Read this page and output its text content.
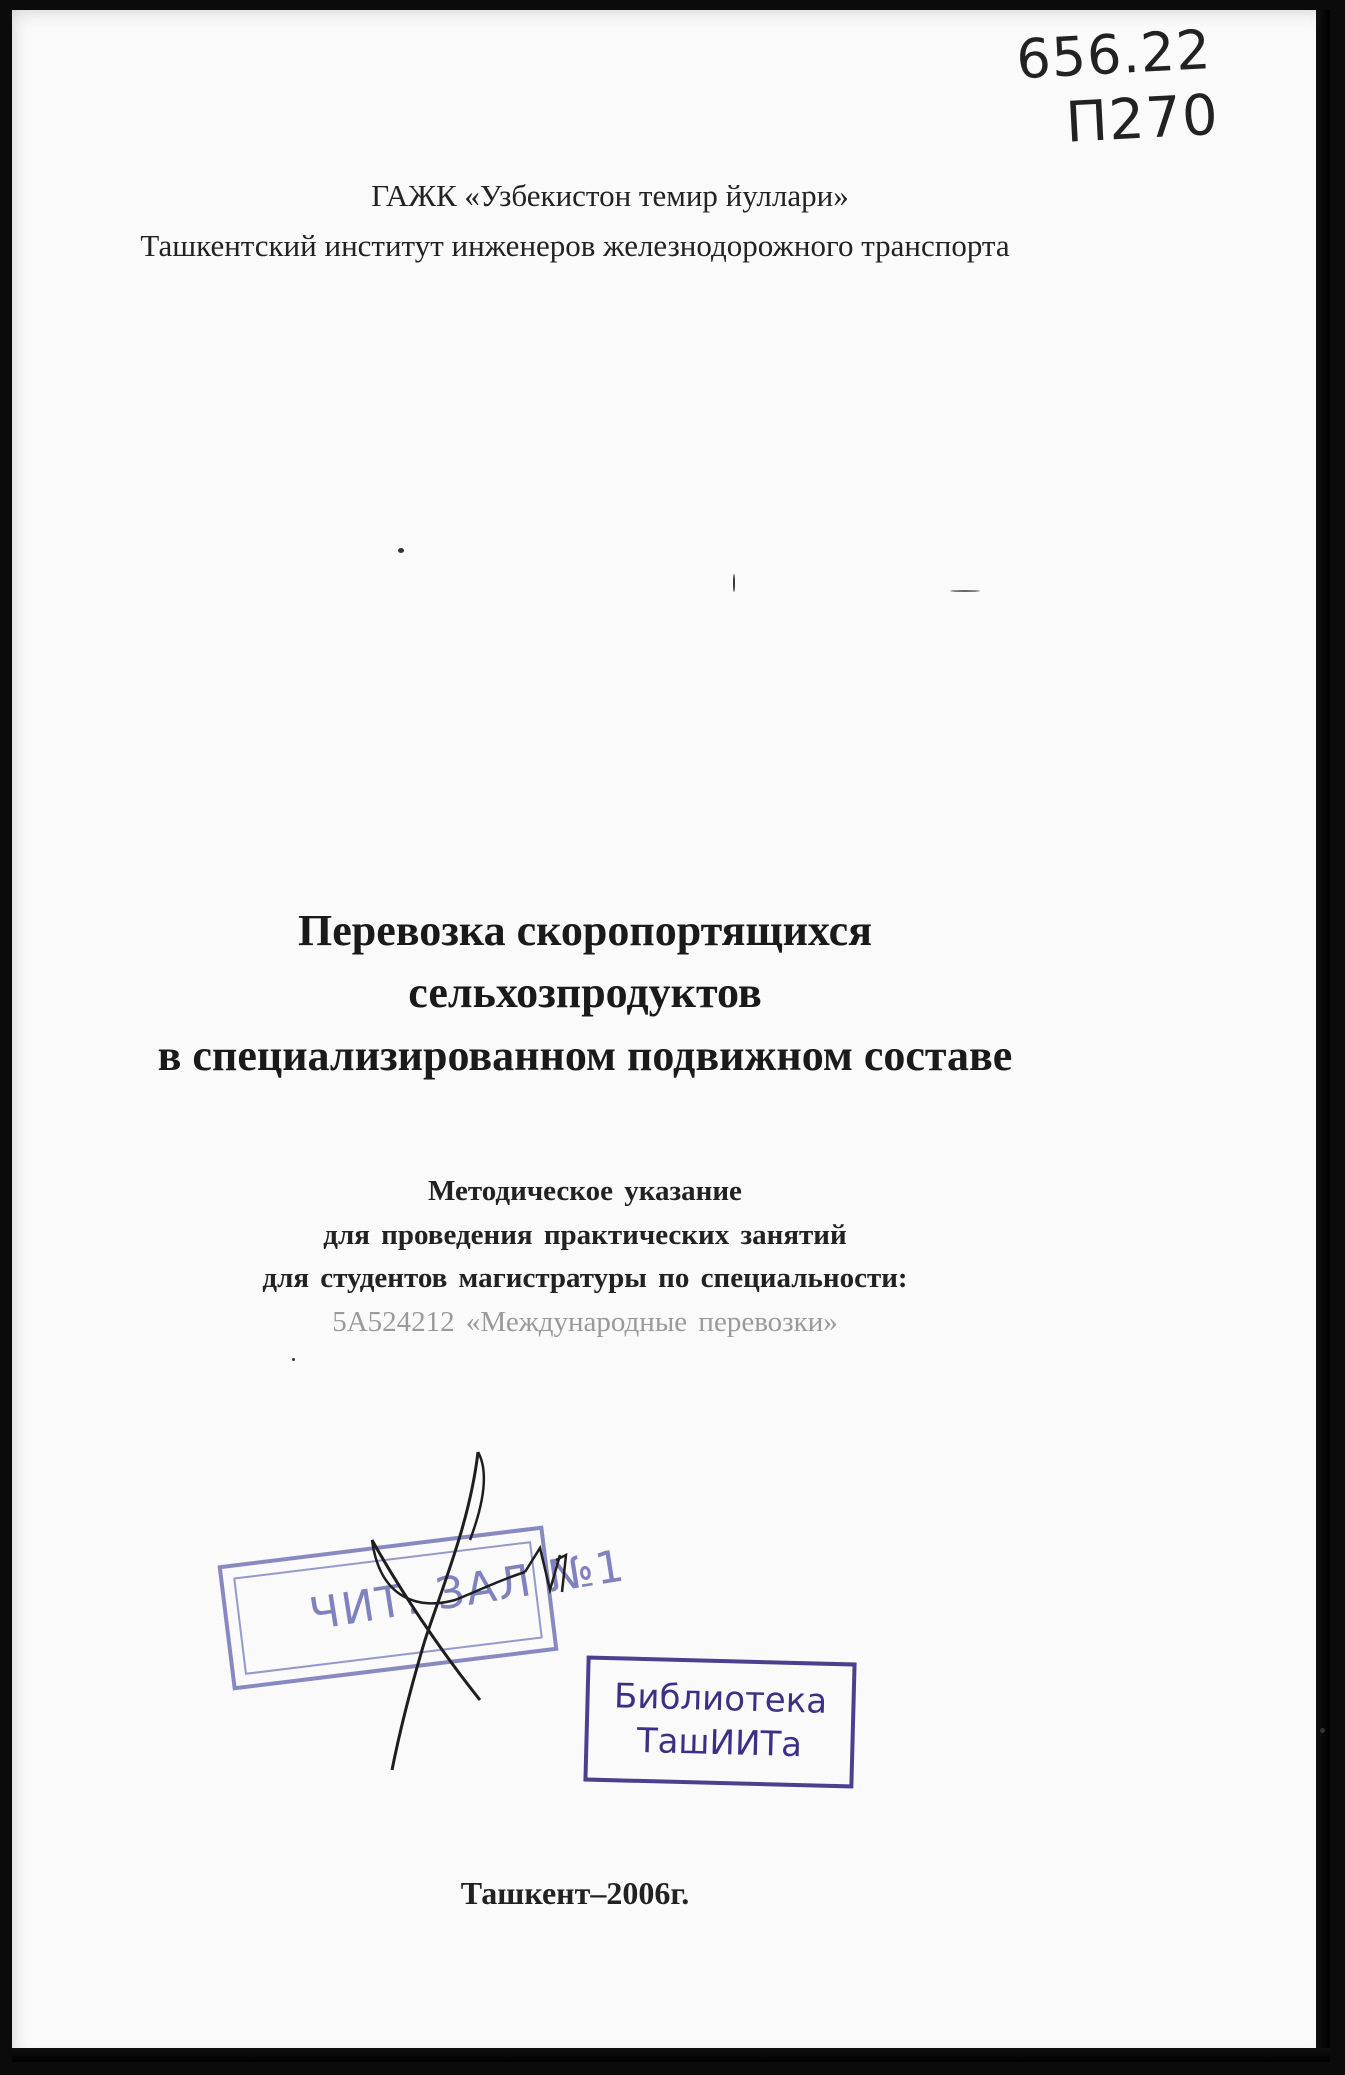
656.22
П270
ГАЖК «Узбекистон темир йуллари»
Ташкентский институт инженеров железнодорожного транспорта
Перевозка скоропортящихся
сельхозпродуктов
в специализированном подвижном составе
Методическое указание
для проведения практических занятий
для студентов магистратуры по специальности:
5А524212 «Международные перевозки»
ЧИТ. ЗАЛ №1
Библиотека
ТашИИТа
Ташкент–2006г.
